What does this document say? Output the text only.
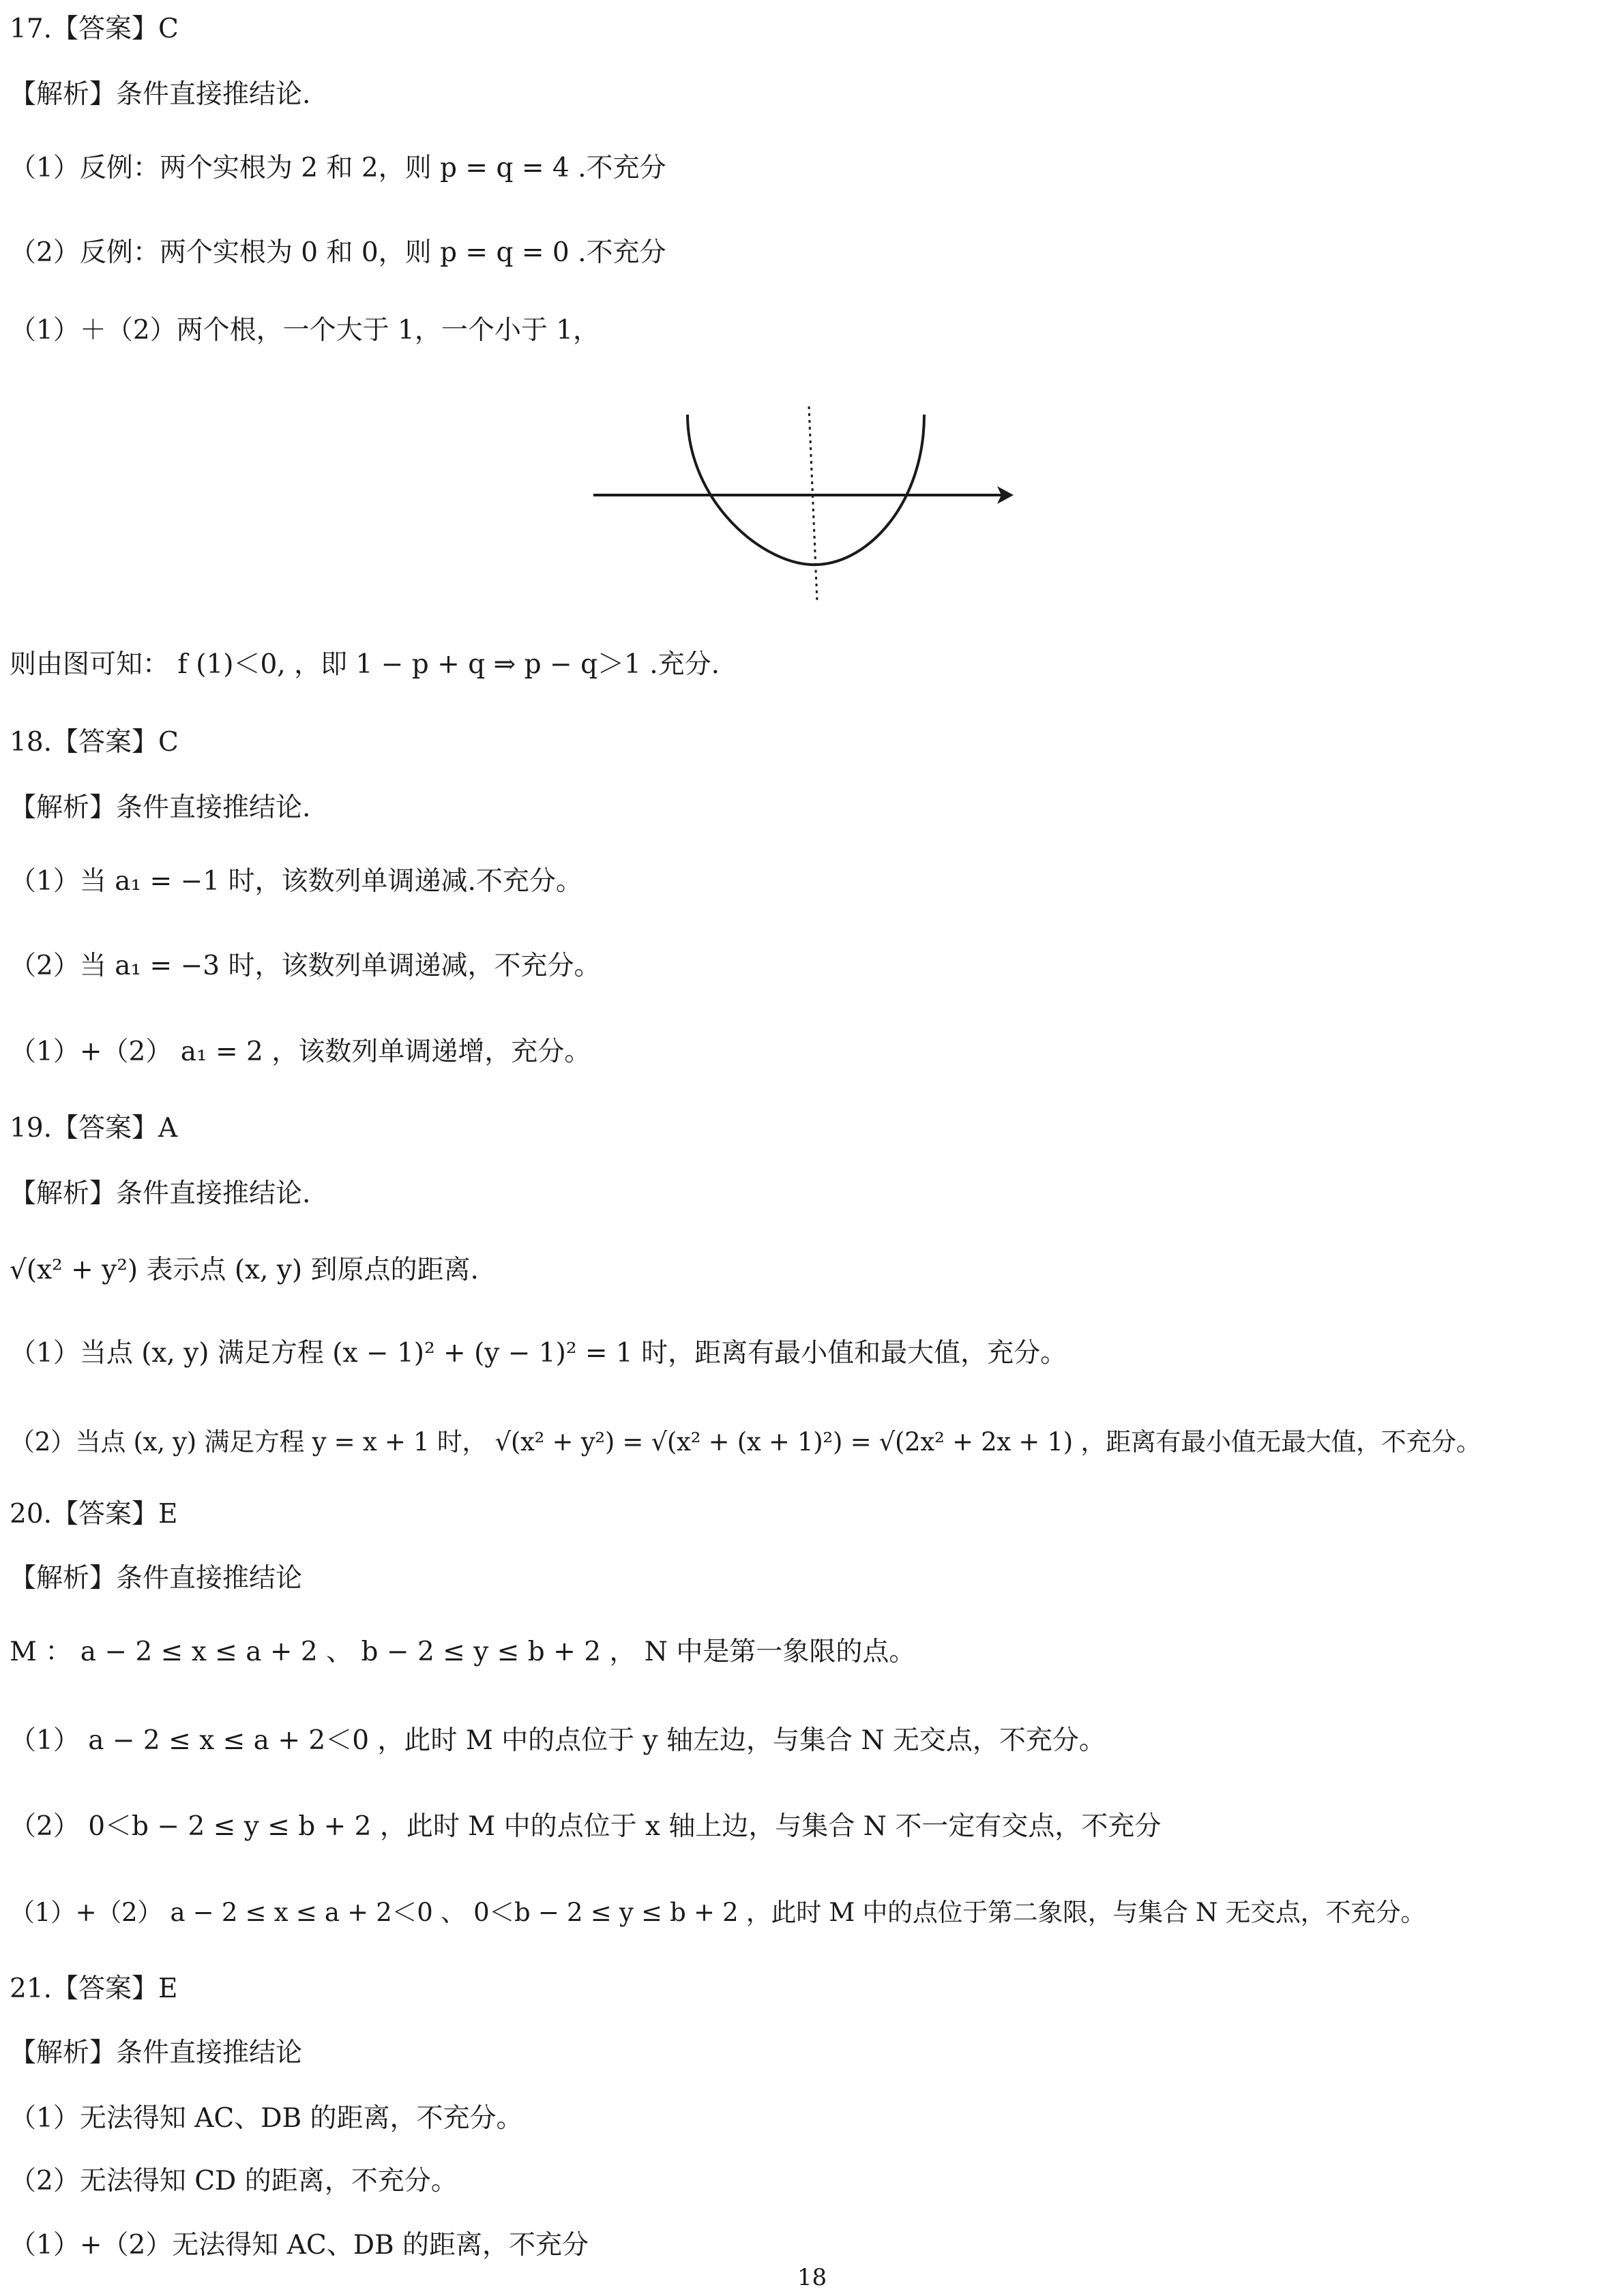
17.【答案】C
【解析】条件直接推结论.
（1）反例：两个实根为 2 和 2，则 p = q = 4 .不充分
（2）反例：两个实根为 0 和 0，则 p = q = 0 .不充分
（1）＋（2）两个根，一个大于 1，一个小于 1，
则由图可知： f (1)＜0, ，即 1 − p + q ⇒ p − q＞1 .充分.
18.【答案】C
【解析】条件直接推结论.
（1）当 a₁ = −1 时，该数列单调递减.不充分。
（2）当 a₁ = −3 时，该数列单调递减，不充分。
（1）+（2） a₁ = 2 ，该数列单调递增，充分。
19.【答案】A
【解析】条件直接推结论.
√(x² + y²) 表示点 (x, y) 到原点的距离.
（1）当点 (x, y) 满足方程 (x − 1)² + (y − 1)² = 1 时，距离有最小值和最大值，充分。
（2）当点 (x, y) 满足方程 y = x + 1 时， √(x² + y²) = √(x² + (x + 1)²) = √(2x² + 2x + 1) ，距离有最小值无最大值，不充分。
20.【答案】E
【解析】条件直接推结论
M ： a − 2 ≤ x ≤ a + 2 、 b − 2 ≤ y ≤ b + 2 ， N 中是第一象限的点。
（1） a − 2 ≤ x ≤ a + 2＜0 ，此时 M 中的点位于 y 轴左边，与集合 N 无交点，不充分。
（2） 0＜b − 2 ≤ y ≤ b + 2 ，此时 M 中的点位于 x 轴上边，与集合 N 不一定有交点，不充分
（1）+（2） a − 2 ≤ x ≤ a + 2＜0 、 0＜b − 2 ≤ y ≤ b + 2 ，此时 M 中的点位于第二象限，与集合 N 无交点，不充分。
21.【答案】E
【解析】条件直接推结论
（1）无法得知 AC、DB 的距离，不充分。
（2）无法得知 CD 的距离，不充分。
（1）+（2）无法得知 AC、DB 的距离，不充分
18
